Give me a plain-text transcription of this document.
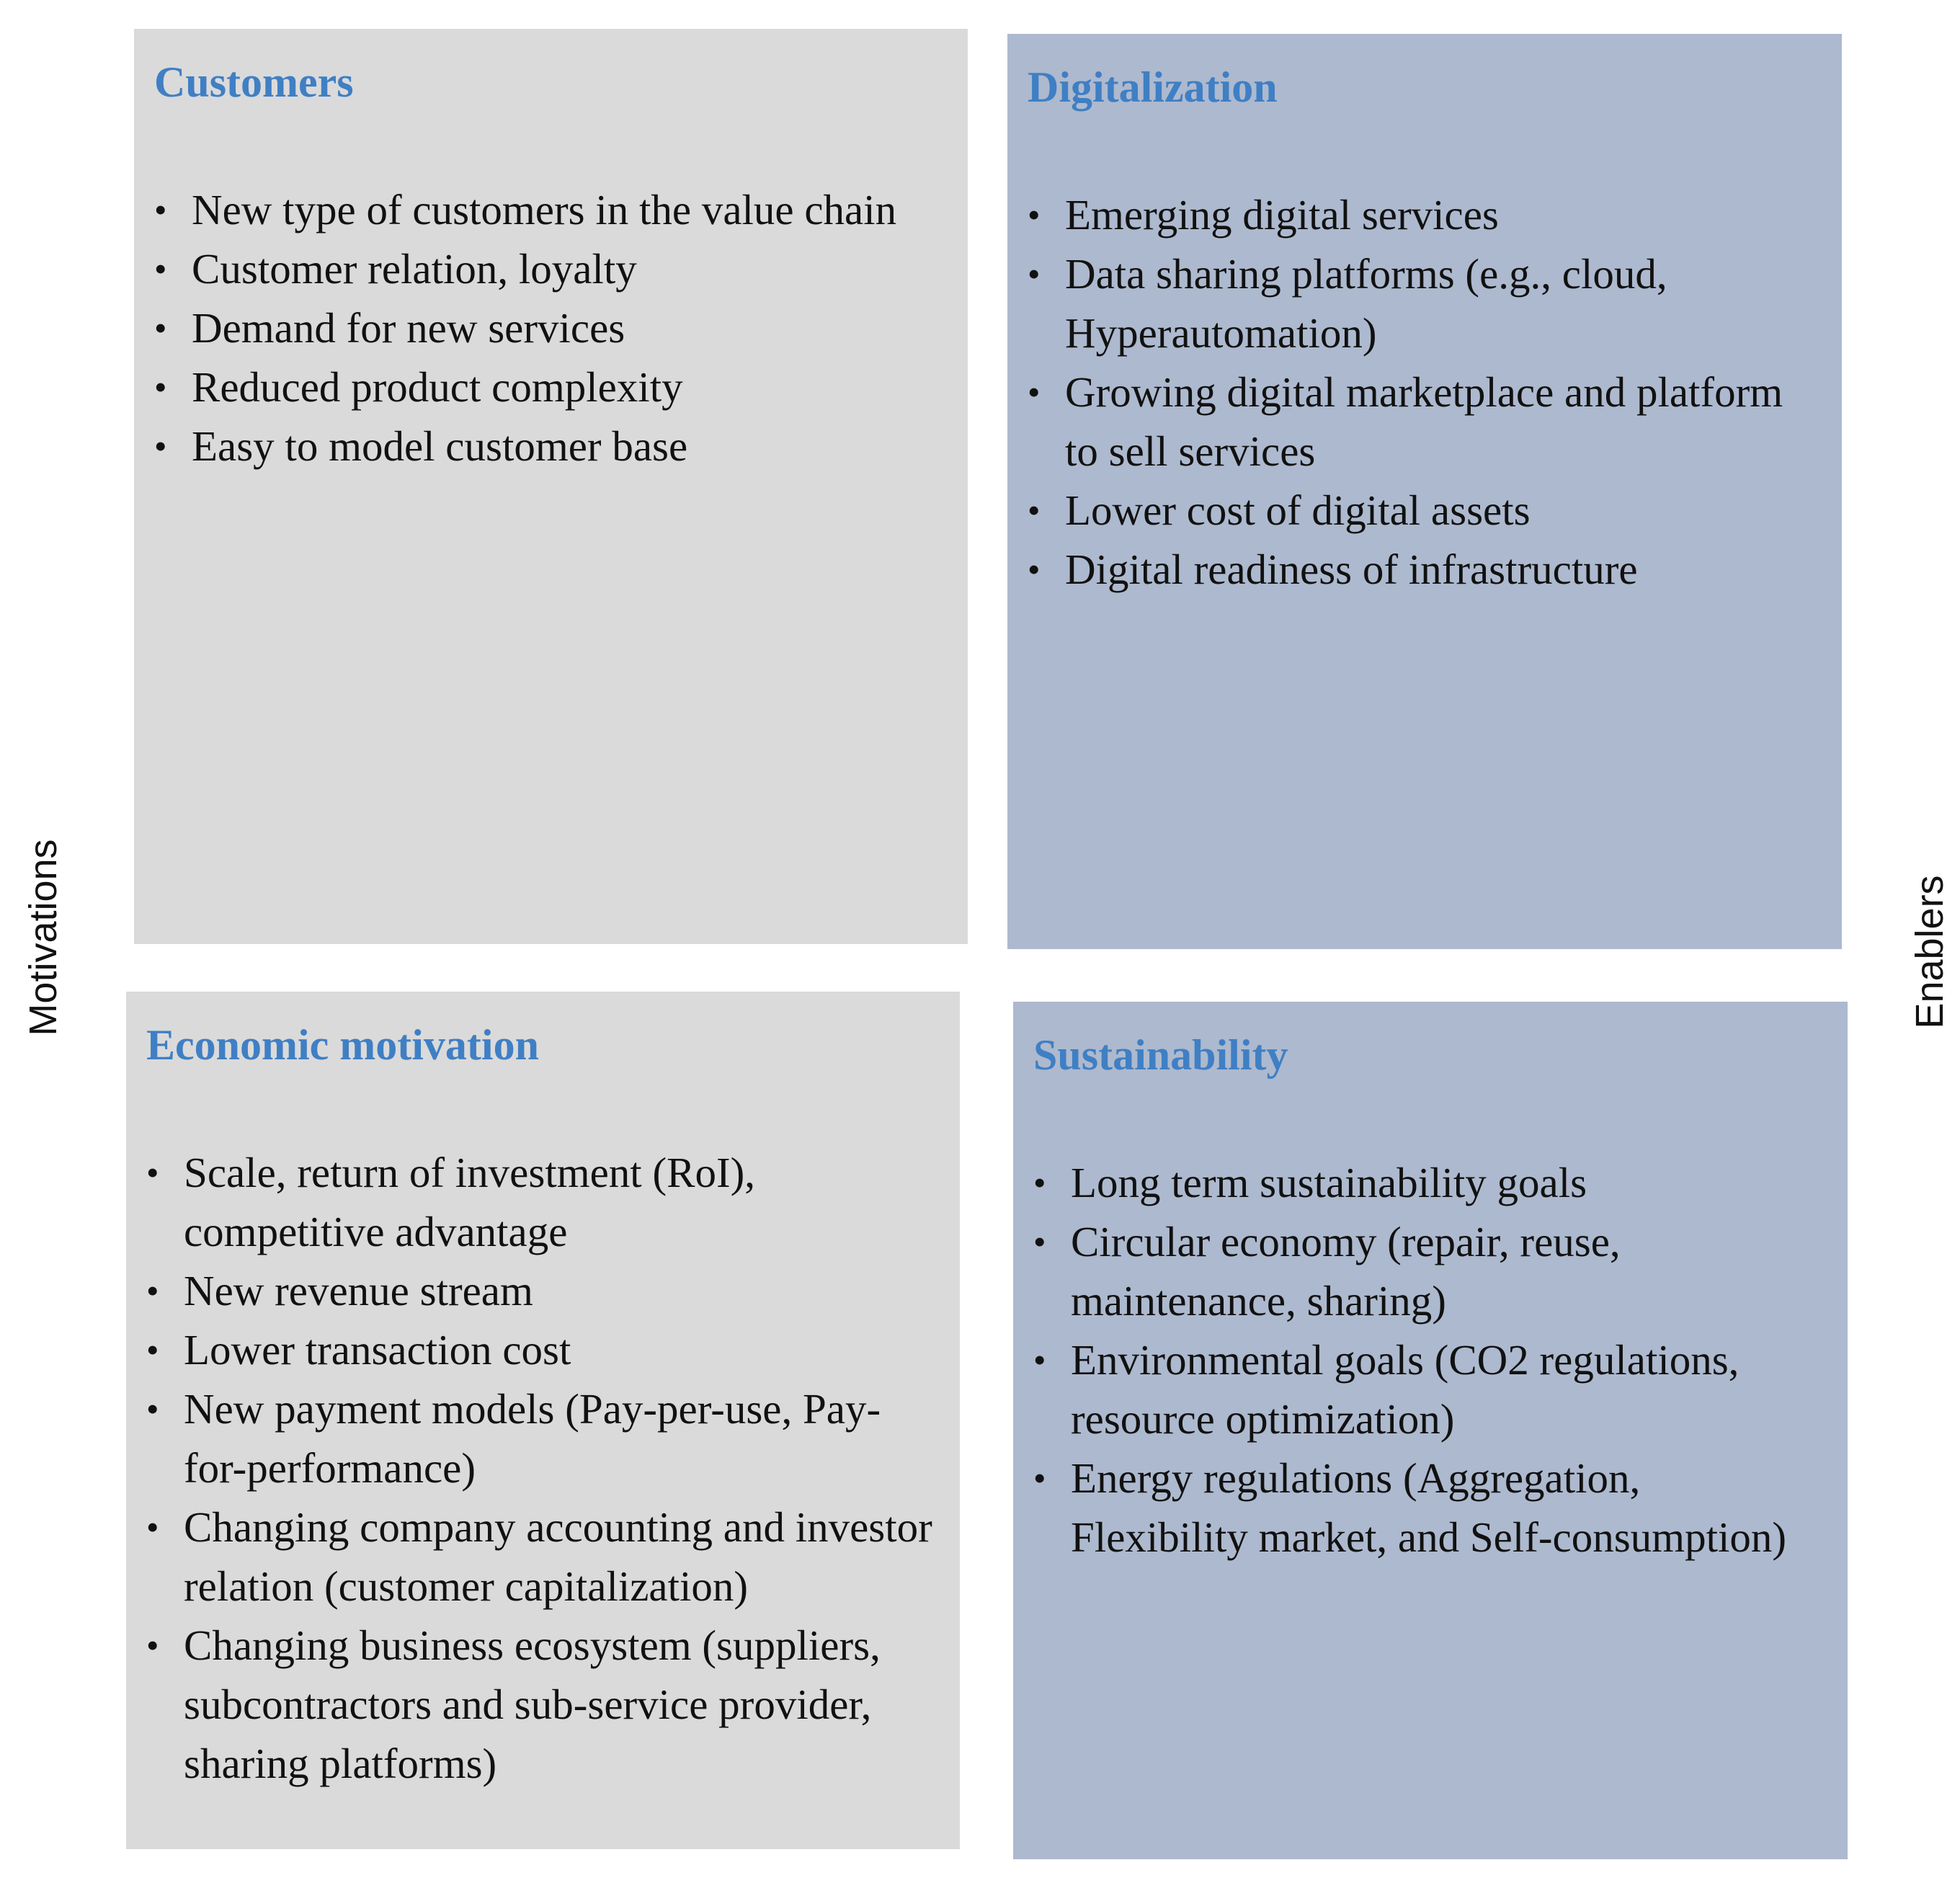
Motivations	Enablers
Customers
• New type of customers in the value chain
• Customer relation, loyalty
• Demand for new services
• Reduced product complexity
• Easy to model customer base
Digitalization
• Emerging digital services
• Data sharing platforms (e.g., cloud, Hyperautomation)
• Growing digital marketplace and platform to sell services
• Lower cost of digital assets
• Digital readiness of infrastructure
Economic motivation
• Scale, return of investment (RoI), competitive advantage
• New revenue stream
• Lower transaction cost
• New payment models (Pay-per-use, Pay-for-performance)
• Changing company accounting and investor relation (customer capitalization)
• Changing business ecosystem (suppliers, subcontractors and sub-service provider, sharing platforms)
Sustainability
• Long term sustainability goals
• Circular economy (repair, reuse, maintenance, sharing)
• Environmental goals (CO2 regulations, resource optimization)
• Energy regulations (Aggregation, Flexibility market, and Self-consumption)
